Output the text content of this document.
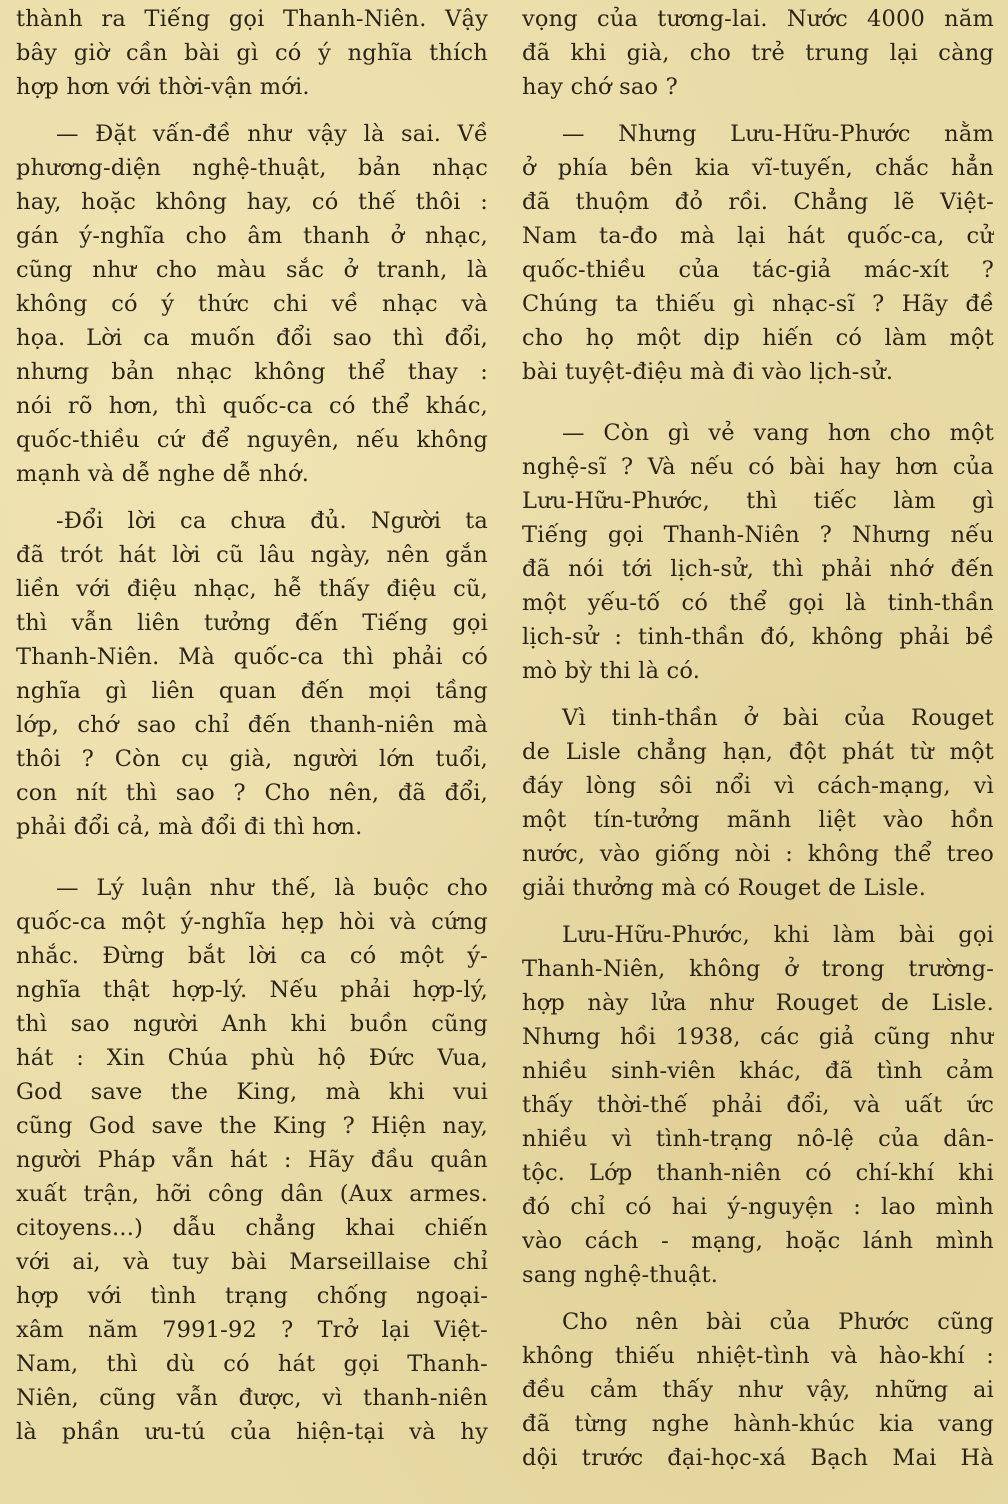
thành ra Tiếng gọi Thanh-Niên. Vậy
bây giờ cần bài gì có ý nghĩa thích
hợp hơn với thời-vận mới.
— Đặt vấn-đề như vậy là sai. Về
phương-diện nghệ-thuật, bản nhạc
hay, hoặc không hay, có thế thôi :
gán ý-nghĩa cho âm thanh ở nhạc,
cũng như cho màu sắc ở tranh, là
không có ý thức chi về nhạc và
họa. Lời ca muốn đổi sao thì đổi,
nhưng bản nhạc không thể thay :
nói rõ hơn, thì quốc-ca có thể khác,
quốc-thiều cứ để nguyên, nếu không
mạnh và dễ nghe dễ nhớ.
-Đổi lời ca chưa đủ. Người ta
đã trót hát lời cũ lâu ngày, nên gắn
liền với điệu nhạc, hễ thấy điệu cũ,
thì vẫn liên tưởng đến Tiếng gọi
Thanh-Niên. Mà quốc-ca thì phải có
nghĩa gì liên quan đến mọi tầng
lớp, chớ sao chỉ đến thanh-niên mà
thôi ? Còn cụ già, người lớn tuổi,
con nít thì sao ? Cho nên, đã đổi,
phải đổi cả, mà đổi đi thì hơn.
— Lý luận như thế, là buộc cho
quốc-ca một ý-nghĩa hẹp hòi và cứng
nhắc. Đừng bắt lời ca có một ý-
nghĩa thật hợp-lý. Nếu phải hợp-lý,
thì sao người Anh khi buồn cũng
hát : Xin Chúa phù hộ Đức Vua,
God save the King, mà khi vui
cũng God save the King ? Hiện nay,
người Pháp vẫn hát : Hãy đầu quân
xuất trận, hỡi công dân (Aux armes.
citoyens...) dẫu chẳng khai chiến
với ai, và tuy bài Marseillaise chỉ
hợp với tình trạng chống ngoại-
xâm năm 7991-92 ? Trở lại Việt-
Nam, thì dù có hát gọi Thanh-
Niên, cũng vẫn được, vì thanh-niên
là phần ưu-tú của hiện-tại và hy
vọng của tương-lai. Nước 4000 năm
đã khi già, cho trẻ trung lại càng
hay chớ sao ?
— Nhưng Lưu-Hữu-Phước nằm
ở phía bên kia vĩ-tuyến, chắc hẳn
đã thuộm đỏ rồi. Chẳng lẽ Việt-
Nam ta-đo mà lại hát quốc-ca, cử
quốc-thiều của tác-giả mác-xít ?
Chúng ta thiếu gì nhạc-sĩ ? Hãy đề
cho họ một dịp hiến có làm một
bài tuyệt-điệu mà đi vào lịch-sử.
— Còn gì vẻ vang hơn cho một
nghệ-sĩ ? Và nếu có bài hay hơn của
Lưu-Hữu-Phước, thì tiếc làm gì
Tiếng gọi Thanh-Niên ? Nhưng nếu
đã nói tới lịch-sử, thì phải nhớ đến
một yếu-tố có thể gọi là tinh-thần
lịch-sử : tinh-thần đó, không phải bề
mò bỳ thi là có.
Vì tinh-thần ở bài của Rouget
de Lisle chẳng hạn, đột phát từ một
đáy lòng sôi nổi vì cách-mạng, vì
một tín-tưởng mãnh liệt vào hồn
nước, vào giống nòi : không thể treo
giải thưởng mà có Rouget de Lisle.
Lưu-Hữu-Phước, khi làm bài gọi
Thanh-Niên, không ở trong trường-
hợp này lửa như Rouget de Lisle.
Nhưng hồi 1938, các giả cũng như
nhiều sinh-viên khác, đã tình cảm
thấy thời-thế phải đổi, và uất ức
nhiều vì tình-trạng nô-lệ của dân-
tộc. Lớp thanh-niên có chí-khí khi
đó chỉ có hai ý-nguyện : lao mình
vào cách - mạng, hoặc lánh mình
sang nghệ-thuật.
Cho nên bài của Phước cũng
không thiếu nhiệt-tình và hào-khí :
đều cảm thấy như vậy, những ai
đã từng nghe hành-khúc kia vang
dội trước đại-học-xá Bạch Mai Hà
